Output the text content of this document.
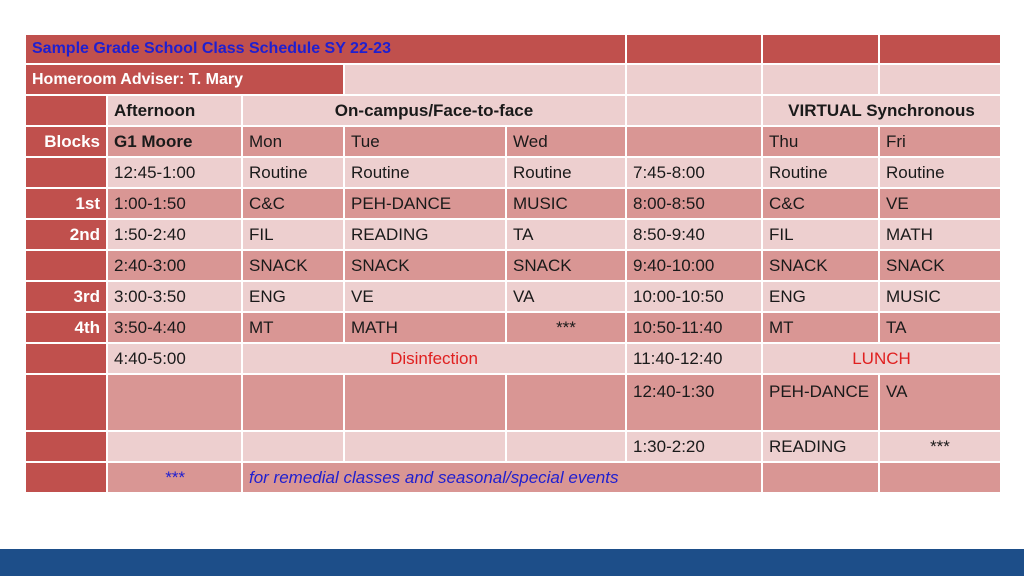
Sample Grade School Class Schedule SY 22-23							
Homeroom Adviser: T. Mary							
	Afternoon	On-campus/Face-to-face				VIRTUAL Synchronous	
Blocks	G1 Moore	Mon	Tue	Wed		Thu	Fri
	12:45-1:00	Routine	Routine	Routine	7:45-8:00	Routine	Routine
1st	1:00-1:50	C&C	PEH-DANCE	MUSIC	8:00-8:50	C&C	VE
2nd	1:50-2:40	FIL	READING	TA	8:50-9:40	FIL	MATH
	2:40-3:00	SNACK	SNACK	SNACK	9:40-10:00	SNACK	SNACK
3rd	3:00-3:50	ENG	VE	VA	10:00-10:50	ENG	MUSIC
4th	3:50-4:40	MT	MATH	***	10:50-11:40	MT	TA
	4:40-5:00	Disinfection			11:40-12:40	LUNCH	
					12:40-1:30	PEH-DANCE	VA
					1:30-2:20	READING	***
	***	for remedial classes and seasonal/special events					
